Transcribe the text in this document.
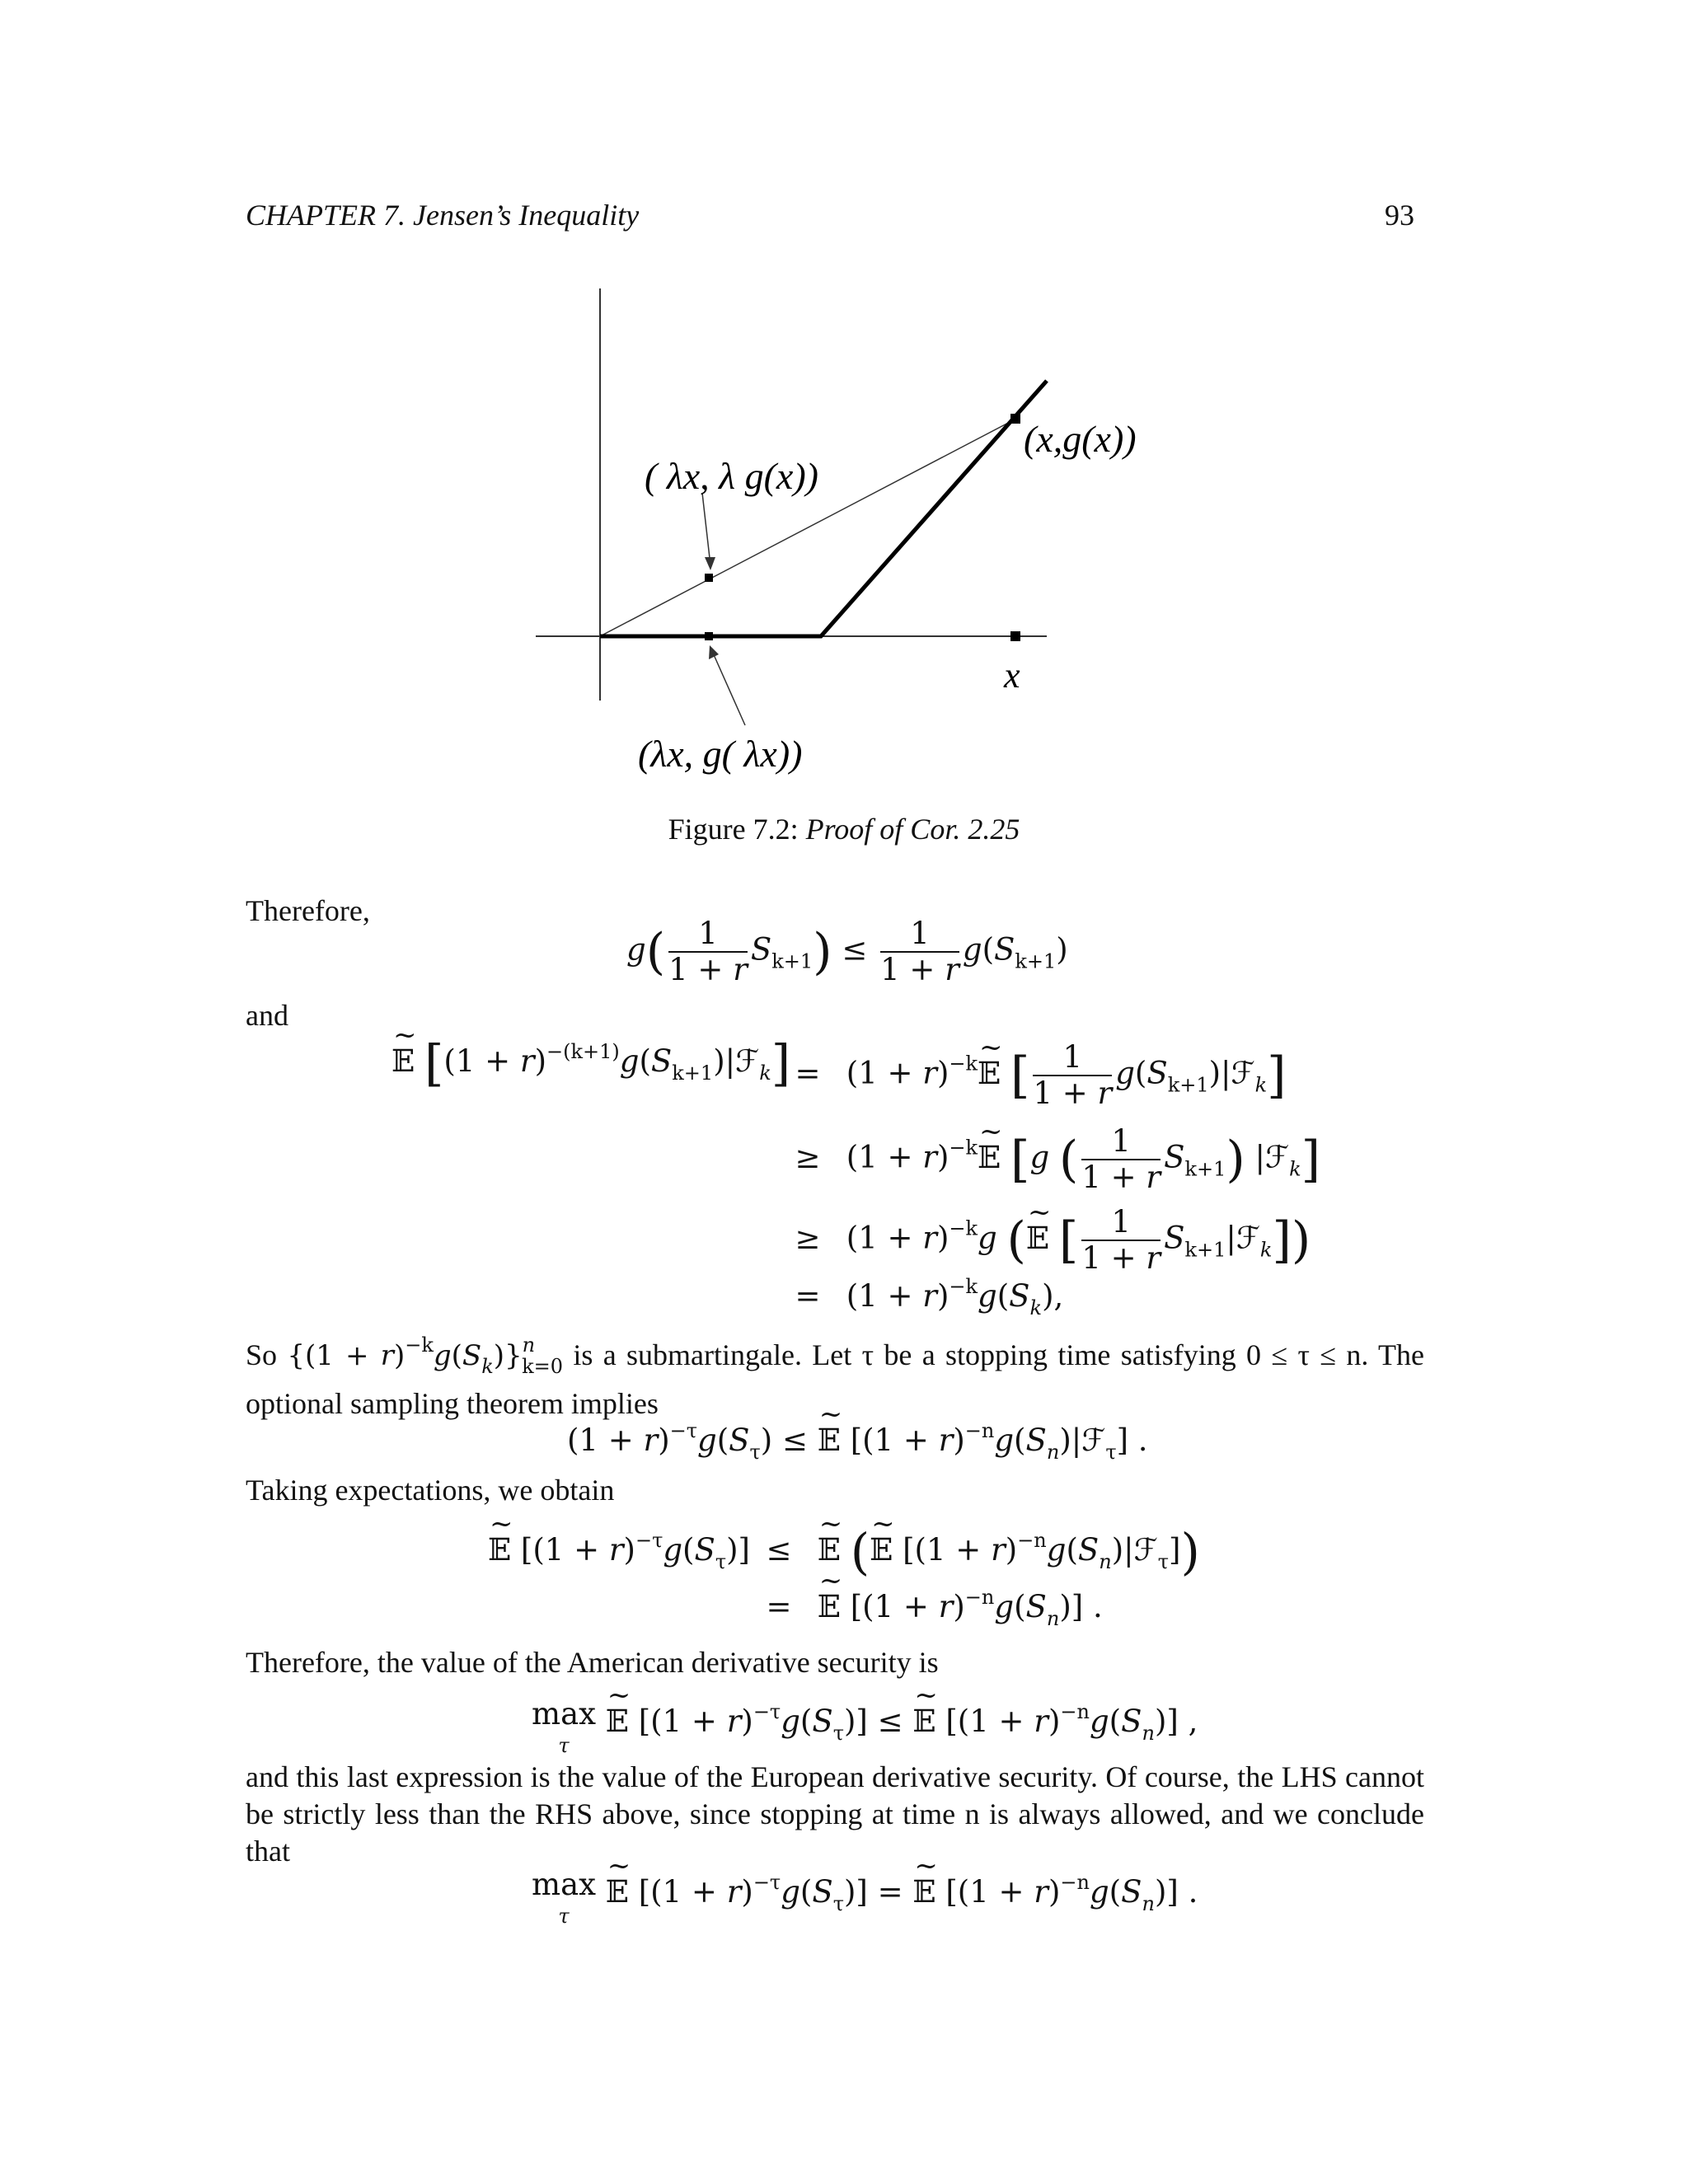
CHAPTER 7. Jensen’s Inequality	93
( λx, λ g(x))
(x,g(x))
(λx, g( λx))
x
Figure 7.2: Proof of Cor. 2.25
Therefore,
$g( \frac{1}{1 + r} S_{k+1}) \le \frac{1}{1 + r} g(S_{k+1})$
and
~ 𝔼 $[(1 + r)^{-(k+1)}g(S_{k+1})|ℱ_k] = (1$ + $r)^{-k}\sim$ 𝔼 [ $\frac{1}{1 + r}$ $g(S_{k+1})|ℱ_k$]
≥ $(1 + r)^{-k}\sim$ 𝔼 [g ( $\frac{1}{1 + r} S_{k+1}$) |ℱ$_k$]
≥ $(1 + r)^{-k}g$ (~ 𝔼 [ $\frac{1}{1 + r}$ $S_{k+1}|ℱ_k$])
= $(1 + r)^{-k}g(S_k)$,
So $\{(1 + r)^{-k}g(S_k)\}^n_{k=0}$ is a submartingale. Let τ be a stopping time satisfying 0 ≤ τ ≤ n. The optional sampling theorem implies
$(1 + r)^{-\tau}g(S_\tau)$ ≤ ~ 𝔼 $[(1 + r)^{-n}g(S_n)|ℱ_\tau]$ .
Taking expectations, we obtain
~ 𝔼 $[(1 + r)^{-\tau}g(S_\tau)]$ ≤ ~ 𝔼 (~ 𝔼 $[(1 + r)^{-n}g(S_n)|ℱ_\tau]$)
= ~ 𝔼 $[(1 + r)^{-n}g(S_n)]$ .
Therefore, the value of the American derivative security is
max
τ ~ 𝔼 $[(1 + r)^{-\tau}g(S_\tau)]$ ≤ ~ 𝔼 $[(1 + r)^{-n}g(S_n)]$ ,
and this last expression is the value of the European derivative security. Of course, the LHS cannot be strictly less than the RHS above, since stopping at time n is always allowed, and we conclude that
max
τ ~ 𝔼 $[(1 + r)^{-\tau}g(S_\tau)]$ = ~ 𝔼 $[(1 + r)^{-n}g(S_n)]$ .
